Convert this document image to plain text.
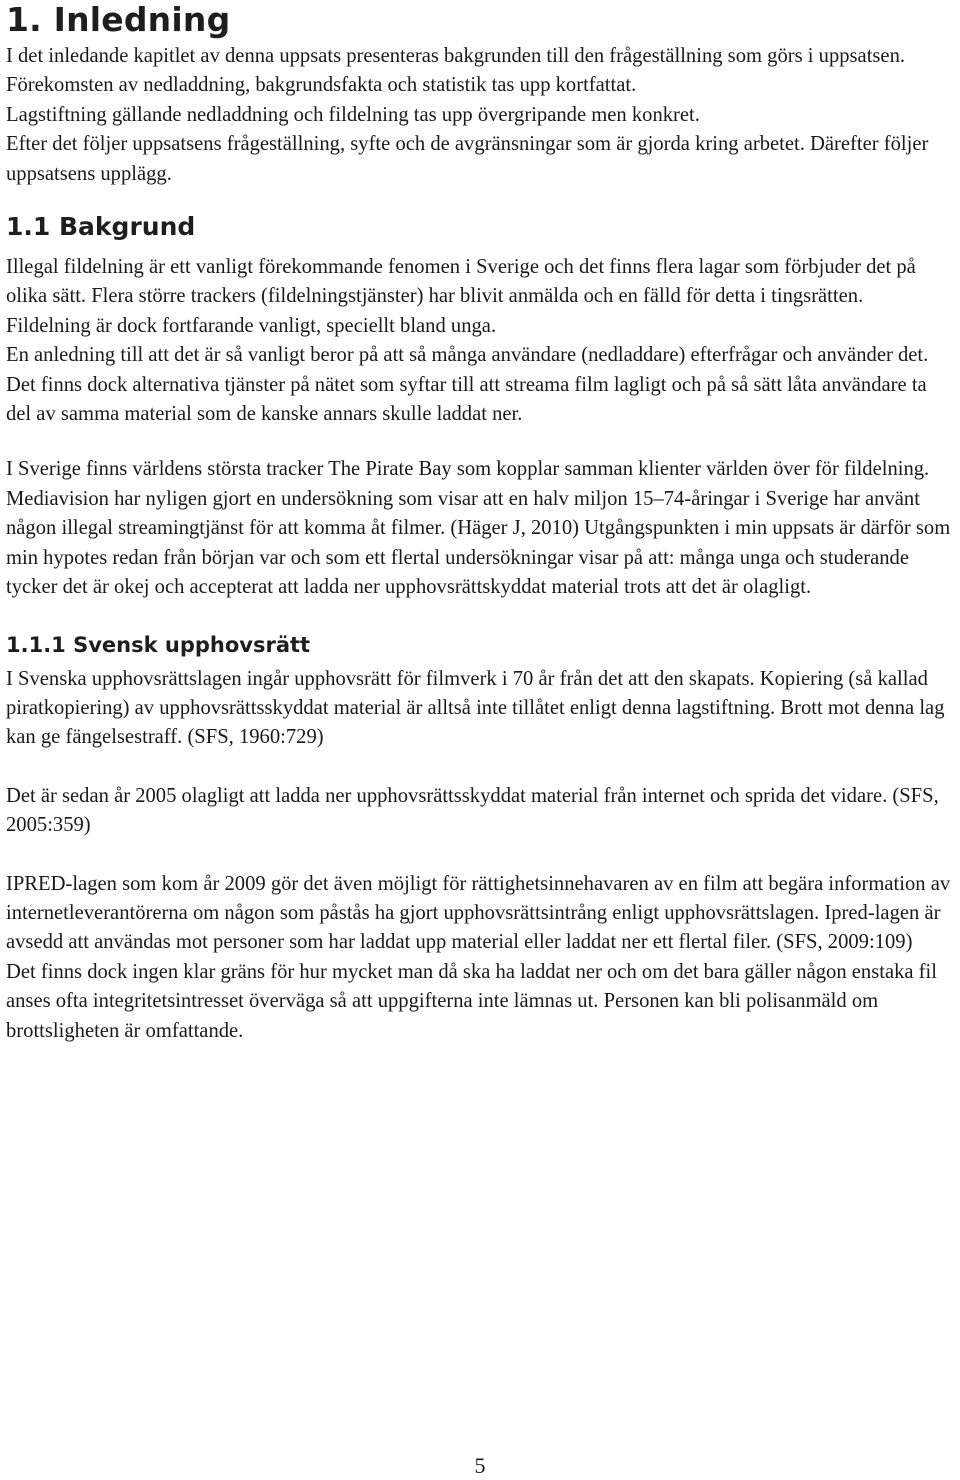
1. Inledning

I det inledande kapitlet av denna uppsats presenteras bakgrunden till den frågeställning som görs i uppsatsen.

Förekomsten av nedladdning, bakgrundsfakta och statistik tas upp kortfattat.

Lagstiftning gällande nedladdning och fildelning tas upp övergripande men konkret.

Efter det följer uppsatsens frågeställning, syfte och de avgränsningar som är gjorda kring arbetet. Därefter följer uppsatsens upplägg.

1.1 Bakgrund

Illegal fildelning är ett vanligt förekommande fenomen i Sverige och det finns flera lagar som förbjuder det på olika sätt. Flera större trackers (fildelningstjänster) har blivit anmälda och en fälld för detta i tingsrätten.

Fildelning är dock fortfarande vanligt, speciellt bland unga.

En anledning till att det är så vanligt beror på att så många användare (nedladdare) efterfrågar och använder det.

Det finns dock alternativa tjänster på nätet som syftar till att streama film lagligt och på så sätt låta användare ta del av samma material som de kanske annars skulle laddat ner.

I Sverige finns världens största tracker The Pirate Bay som kopplar samman klienter världen över för fildelning. Mediavision har nyligen gjort en undersökning som visar att en halv miljon 15–74-åringar i Sverige har använt någon illegal streamingtjänst för att komma åt filmer. (Häger J, 2010) Utgångspunkten i min uppsats är därför som min hypotes redan från början var och som ett flertal undersökningar visar på att: många unga och studerande tycker det är okej och accepterat att ladda ner upphovsrättskyddat material trots att det är olagligt.

1.1.1 Svensk upphovsrätt

I Svenska upphovsrättslagen ingår upphovsrätt för filmverk i 70 år från det att den skapats. Kopiering (så kallad piratkopiering) av upphovsrättsskyddat material är alltså inte tillåtet enligt denna lagstiftning. Brott mot denna lag kan ge fängelsestraff. (SFS, 1960:729)

Det är sedan år 2005 olagligt att ladda ner upphovsrättsskyddat material från internet och sprida det vidare. (SFS, 2005:359)

IPRED-lagen som kom år 2009 gör det även möjligt för rättighetsinnehavaren av en film att begära information av internetleverantörerna om någon som påstås ha gjort upphovsrättsintrång enligt upphovsrättslagen. Ipred-lagen är avsedd att användas mot personer som har laddat upp material eller laddat ner ett flertal filer. (SFS, 2009:109)

Det finns dock ingen klar gräns för hur mycket man då ska ha laddat ner och om det bara gäller någon enstaka fil anses ofta integritetsintresset överväga så att uppgifterna inte lämnas ut. Personen kan bli polisanmäld om brottsligheten är omfattande.

5
